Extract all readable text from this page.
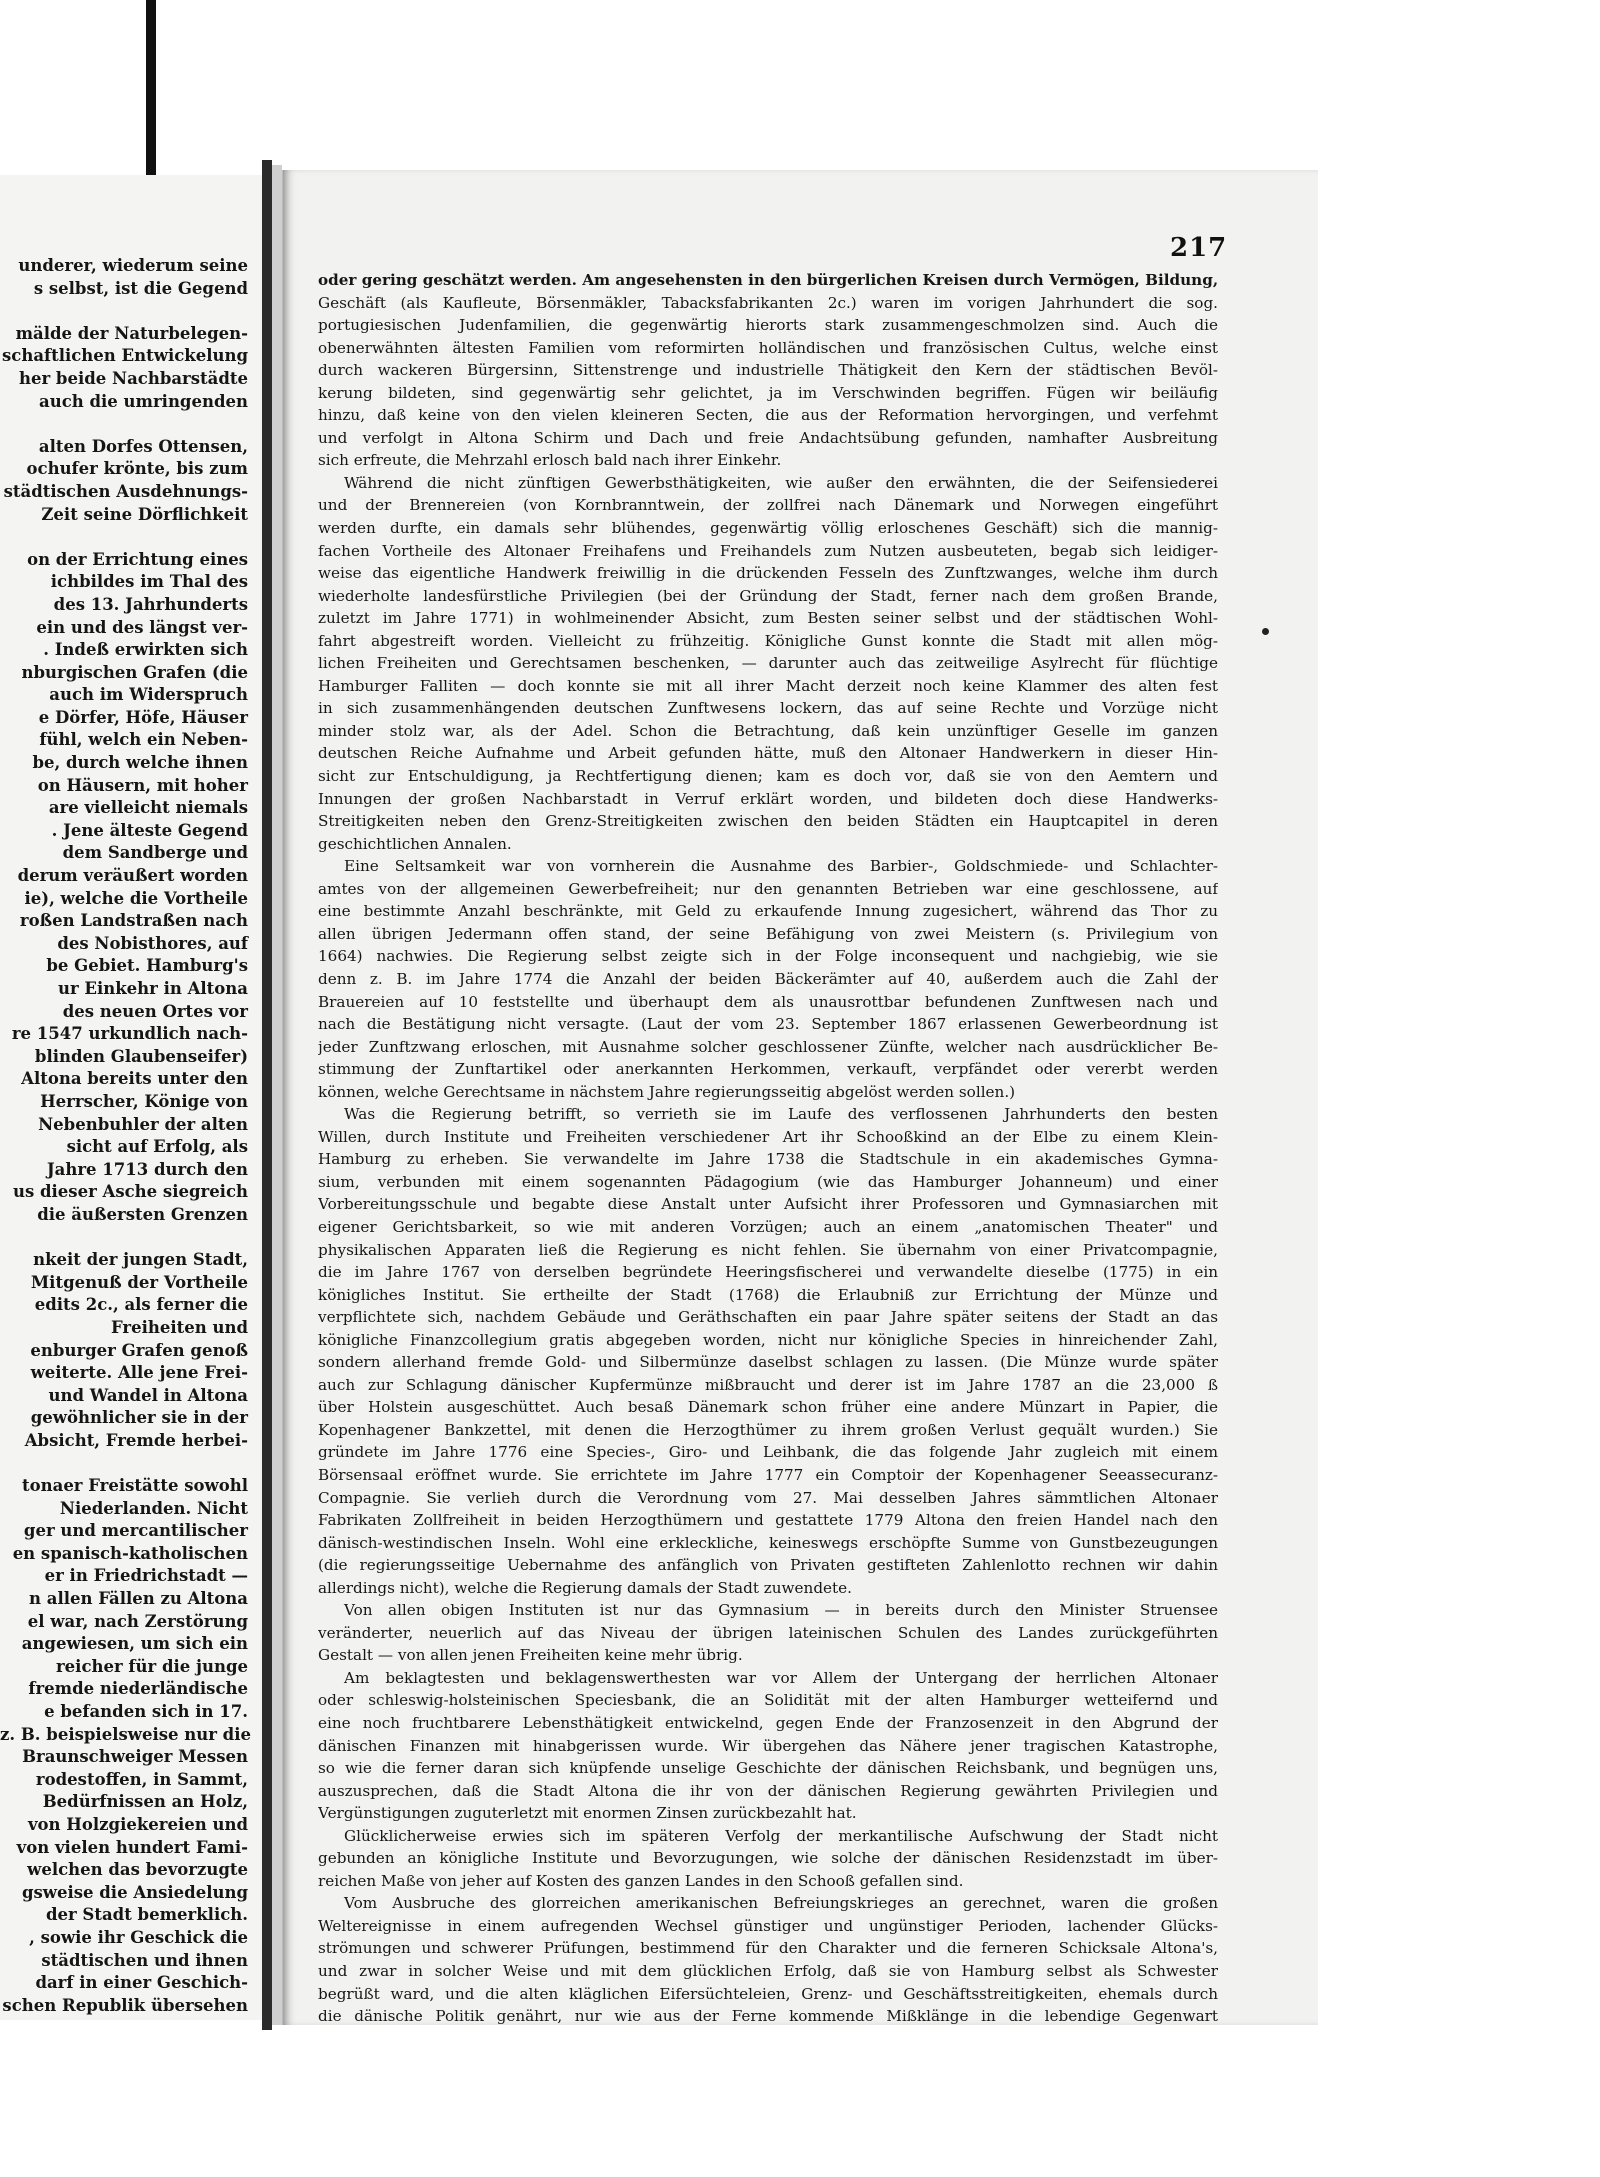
underer, wiederum seine
s selbst, ist die Gegend
mälde der Naturbelegen-
schaftlichen Entwickelung
her beide Nachbarstädte
auch die umringenden
alten Dorfes Ottensen,
ochufer krönte, bis zum
städtischen Ausdehnungs-
Zeit seine Dörflichkeit
on der Errichtung eines
ichbildes im Thal des
des 13. Jahrhunderts
ein und des längst ver-
. Indeß erwirkten sich
nburgischen Grafen (die
auch im Widerspruch
e Dörfer, Höfe, Häuser
fühl, welch ein Neben-
be, durch welche ihnen
on Häusern, mit hoher
are vielleicht niemals
. Jene älteste Gegend
dem Sandberge und
derum veräußert worden
ie), welche die Vortheile
roßen Landstraßen nach
des Nobisthores, auf
be Gebiet. Hamburg's
ur Einkehr in Altona
des neuen Ortes vor
re 1547 urkundlich nach-
blinden Glaubenseifer)
Altona bereits unter den
Herrscher, Könige von
Nebenbuhler der alten
sicht auf Erfolg, als
Jahre 1713 durch den
us dieser Asche siegreich
die äußersten Grenzen
nkeit der jungen Stadt,
Mitgenuß der Vortheile
edits 2c., als ferner die
Freiheiten und
enburger Grafen genoß
weiterte. Alle jene Frei-
und Wandel in Altona
gewöhnlicher sie in der
Absicht, Fremde herbei-
tonaer Freistätte sowohl
Niederlanden. Nicht
ger und mercantilischer
en spanisch-katholischen
er in Friedrichstadt —
n allen Fällen zu Altona
el war, nach Zerstörung
angewiesen, um sich ein
reicher für die junge
fremde niederländische
e befanden sich in 17.
z. B. beispielsweise nur die
Braunschweiger Messen
rodestoffen, in Sammt,
Bedürfnissen an Holz,
von Holzgiekereien und
von vielen hundert Fami-
welchen das bevorzugte
gsweise die Ansiedelung
der Stadt bemerklich.
, sowie ihr Geschick die
städtischen und ihnen
darf in einer Geschich-
schen Republik übersehen
217
oder gering geschätzt werden. Am angesehensten in den bürgerlichen Kreisen durch Vermögen, Bildung,
Geschäft (als Kaufleute, Börsenmäkler, Tabacksfabrikanten 2c.) waren im vorigen Jahrhundert die sog.
portugiesischen Judenfamilien, die gegenwärtig hierorts stark zusammengeschmolzen sind. Auch die
obenerwähnten ältesten Familien vom reformirten holländischen und französischen Cultus, welche einst
durch wackeren Bürgersinn, Sittenstrenge und industrielle Thätigkeit den Kern der städtischen Bevöl-
kerung bildeten, sind gegenwärtig sehr gelichtet, ja im Verschwinden begriffen. Fügen wir beiläufig
hinzu, daß keine von den vielen kleineren Secten, die aus der Reformation hervorgingen, und verfehmt
und verfolgt in Altona Schirm und Dach und freie Andachtsübung gefunden, namhafter Ausbreitung
sich erfreute, die Mehrzahl erlosch bald nach ihrer Einkehr.
Während die nicht zünftigen Gewerbsthätigkeiten, wie außer den erwähnten, die der Seifensiederei
und der Brennereien (von Kornbranntwein, der zollfrei nach Dänemark und Norwegen eingeführt
werden durfte, ein damals sehr blühendes, gegenwärtig völlig erloschenes Geschäft) sich die mannig-
fachen Vortheile des Altonaer Freihafens und Freihandels zum Nutzen ausbeuteten, begab sich leidiger-
weise das eigentliche Handwerk freiwillig in die drückenden Fesseln des Zunftzwanges, welche ihm durch
wiederholte landesfürstliche Privilegien (bei der Gründung der Stadt, ferner nach dem großen Brande,
zuletzt im Jahre 1771) in wohlmeinender Absicht, zum Besten seiner selbst und der städtischen Wohl-
fahrt abgestreift worden. Vielleicht zu frühzeitig. Königliche Gunst konnte die Stadt mit allen mög-
lichen Freiheiten und Gerechtsamen beschenken, — darunter auch das zeitweilige Asylrecht für flüchtige
Hamburger Falliten — doch konnte sie mit all ihrer Macht derzeit noch keine Klammer des alten fest
in sich zusammenhängenden deutschen Zunftwesens lockern, das auf seine Rechte und Vorzüge nicht
minder stolz war, als der Adel. Schon die Betrachtung, daß kein unzünftiger Geselle im ganzen
deutschen Reiche Aufnahme und Arbeit gefunden hätte, muß den Altonaer Handwerkern in dieser Hin-
sicht zur Entschuldigung, ja Rechtfertigung dienen; kam es doch vor, daß sie von den Aemtern und
Innungen der großen Nachbarstadt in Verruf erklärt worden, und bildeten doch diese Handwerks-
Streitigkeiten neben den Grenz-Streitigkeiten zwischen den beiden Städten ein Hauptcapitel in deren
geschichtlichen Annalen.
Eine Seltsamkeit war von vornherein die Ausnahme des Barbier-, Goldschmiede- und Schlachter-
amtes von der allgemeinen Gewerbefreiheit; nur den genannten Betrieben war eine geschlossene, auf
eine bestimmte Anzahl beschränkte, mit Geld zu erkaufende Innung zugesichert, während das Thor zu
allen übrigen Jedermann offen stand, der seine Befähigung von zwei Meistern (s. Privilegium von
1664) nachwies. Die Regierung selbst zeigte sich in der Folge inconsequent und nachgiebig, wie sie
denn z. B. im Jahre 1774 die Anzahl der beiden Bäckerämter auf 40, außerdem auch die Zahl der
Brauereien auf 10 feststellte und überhaupt dem als unausrottbar befundenen Zunftwesen nach und
nach die Bestätigung nicht versagte. (Laut der vom 23. September 1867 erlassenen Gewerbeordnung ist
jeder Zunftzwang erloschen, mit Ausnahme solcher geschlossener Zünfte, welcher nach ausdrücklicher Be-
stimmung der Zunftartikel oder anerkannten Herkommen, verkauft, verpfändet oder vererbt werden
können, welche Gerechtsame in nächstem Jahre regierungsseitig abgelöst werden sollen.)
Was die Regierung betrifft, so verrieth sie im Laufe des verflossenen Jahrhunderts den besten
Willen, durch Institute und Freiheiten verschiedener Art ihr Schooßkind an der Elbe zu einem Klein-
Hamburg zu erheben. Sie verwandelte im Jahre 1738 die Stadtschule in ein akademisches Gymna-
sium, verbunden mit einem sogenannten Pädagogium (wie das Hamburger Johanneum) und einer
Vorbereitungsschule und begabte diese Anstalt unter Aufsicht ihrer Professoren und Gymnasiarchen mit
eigener Gerichtsbarkeit, so wie mit anderen Vorzügen; auch an einem „anatomischen Theater" und
physikalischen Apparaten ließ die Regierung es nicht fehlen. Sie übernahm von einer Privatcompagnie,
die im Jahre 1767 von derselben begründete Heeringsfischerei und verwandelte dieselbe (1775) in ein
königliches Institut. Sie ertheilte der Stadt (1768) die Erlaubniß zur Errichtung der Münze und
verpflichtete sich, nachdem Gebäude und Geräthschaften ein paar Jahre später seitens der Stadt an das
königliche Finanzcollegium gratis abgegeben worden, nicht nur königliche Species in hinreichender Zahl,
sondern allerhand fremde Gold- und Silbermünze daselbst schlagen zu lassen. (Die Münze wurde später
auch zur Schlagung dänischer Kupfermünze mißbraucht und derer ist im Jahre 1787 an die 23,000 ß
über Holstein ausgeschüttet. Auch besaß Dänemark schon früher eine andere Münzart in Papier, die
Kopenhagener Bankzettel, mit denen die Herzogthümer zu ihrem großen Verlust gequält wurden.) Sie
gründete im Jahre 1776 eine Species-, Giro- und Leihbank, die das folgende Jahr zugleich mit einem
Börsensaal eröffnet wurde. Sie errichtete im Jahre 1777 ein Comptoir der Kopenhagener Seeassecuranz-
Compagnie. Sie verlieh durch die Verordnung vom 27. Mai desselben Jahres sämmtlichen Altonaer
Fabrikaten Zollfreiheit in beiden Herzogthümern und gestattete 1779 Altona den freien Handel nach den
dänisch-westindischen Inseln. Wohl eine erkleckliche, keineswegs erschöpfte Summe von Gunstbezeugungen
(die regierungsseitige Uebernahme des anfänglich von Privaten gestifteten Zahlenlotto rechnen wir dahin
allerdings nicht), welche die Regierung damals der Stadt zuwendete.
Von allen obigen Instituten ist nur das Gymnasium — in bereits durch den Minister Struensee
veränderter, neuerlich auf das Niveau der übrigen lateinischen Schulen des Landes zurückgeführten
Gestalt — von allen jenen Freiheiten keine mehr übrig.
Am beklagtesten und beklagenswerthesten war vor Allem der Untergang der herrlichen Altonaer
oder schleswig-holsteinischen Speciesbank, die an Solidität mit der alten Hamburger wetteifernd und
eine noch fruchtbarere Lebensthätigkeit entwickelnd, gegen Ende der Franzosenzeit in den Abgrund der
dänischen Finanzen mit hinabgerissen wurde. Wir übergehen das Nähere jener tragischen Katastrophe,
so wie die ferner daran sich knüpfende unselige Geschichte der dänischen Reichsbank, und begnügen uns,
auszusprechen, daß die Stadt Altona die ihr von der dänischen Regierung gewährten Privilegien und
Vergünstigungen zuguterletzt mit enormen Zinsen zurückbezahlt hat.
Glücklicherweise erwies sich im späteren Verfolg der merkantilische Aufschwung der Stadt nicht
gebunden an königliche Institute und Bevorzugungen, wie solche der dänischen Residenzstadt im über-
reichen Maße von jeher auf Kosten des ganzen Landes in den Schooß gefallen sind.
Vom Ausbruche des glorreichen amerikanischen Befreiungskrieges an gerechnet, waren die großen
Weltereignisse in einem aufregenden Wechsel günstiger und ungünstiger Perioden, lachender Glücks-
strömungen und schwerer Prüfungen, bestimmend für den Charakter und die ferneren Schicksale Altona's,
und zwar in solcher Weise und mit dem glücklichen Erfolg, daß sie von Hamburg selbst als Schwester
begrüßt ward, und die alten kläglichen Eifersüchteleien, Grenz- und Geschäftsstreitigkeiten, ehemals durch
die dänische Politik genährt, nur wie aus der Ferne kommende Mißklänge in die lebendige Gegenwart
